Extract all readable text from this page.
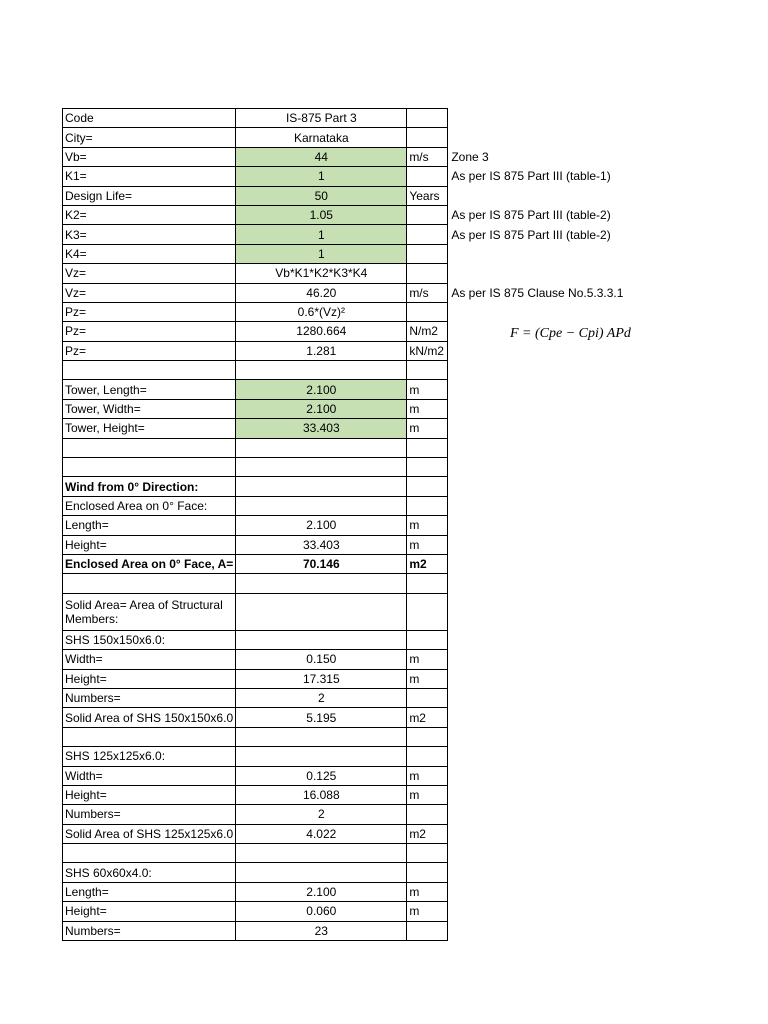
Code	IS-875 Part 3		
City=	Karnataka		
Vb=	44	m/s	Zone 3
K1=	1		As per IS 875 Part III (table-1)
Design Life=	50	Years	
K2=	1.05		As per IS 875 Part III (table-2)
K3=	1		As per IS 875 Part III (table-2)
K4=	1		
Vz=	Vb*K1*K2*K3*K4		
Vz=	46.20	m/s	As per IS 875 Clause No.5.3.3.1
Pz=	0.6*(Vz)²		
Pz=	1280.664	N/m2	
Pz=	1.281	kN/m2	

Tower, Length=	2.100	m	
Tower, Width=	2.100	m	
Tower, Height=	33.403	m	

Wind from 0° Direction:			
Enclosed Area on 0° Face:			
Length=	2.100	m	
Height=	33.403	m	
Enclosed Area on 0° Face, A=	70.146	m2	

Solid Area= Area of Structural Members:			
SHS 150x150x6.0:			
Width=	0.150	m	
Height=	17.315	m	
Numbers=	2		
Solid Area of SHS 150x150x6.0	5.195	m2	

SHS 125x125x6.0:			
Width=	0.125	m	
Height=	16.088	m	
Numbers=	2		
Solid Area of SHS 125x125x6.0	4.022	m2	

SHS 60x60x4.0:			
Length=	2.100	m	
Height=	0.060	m	
Numbers=	23		
F = (Cpe − Cpi) APd
